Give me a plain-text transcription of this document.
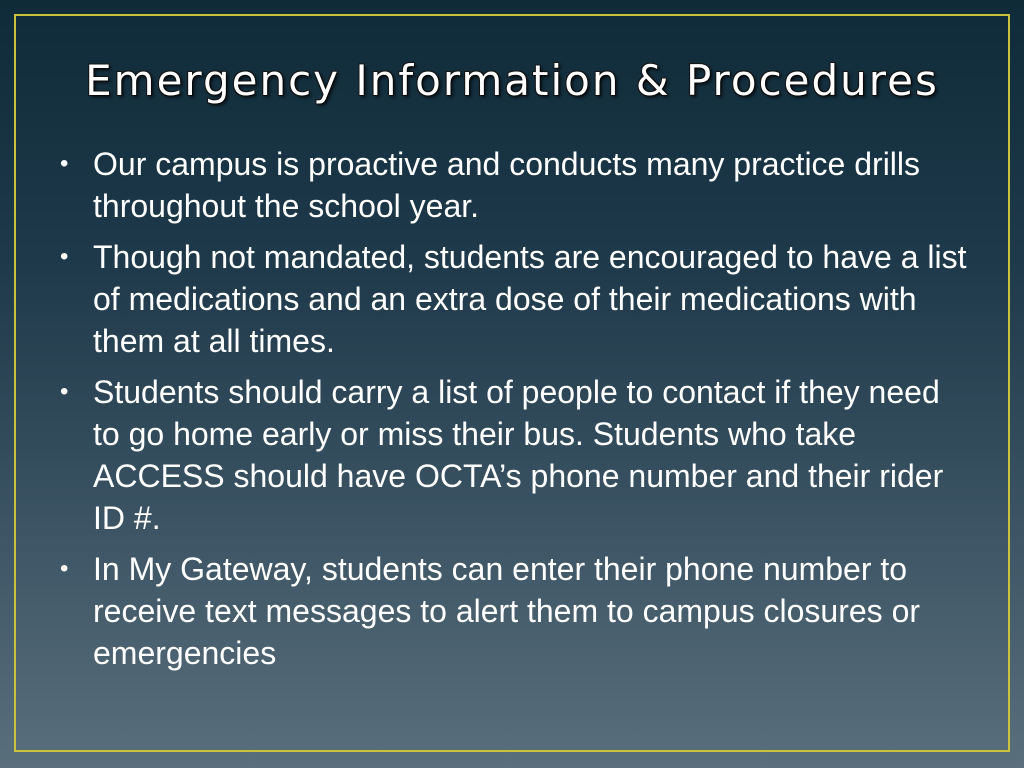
Emergency Information & Procedures
• Our campus is proactive and conducts many practice drills throughout the school year.
• Though not mandated, students are encouraged to have a list of medications and an extra dose of their medications with them at all times.
• Students should carry a list of people to contact if they need to go home early or miss their bus. Students who take ACCESS should have OCTA’s phone number and their rider ID #.
• In My Gateway, students can enter their phone number to receive text messages to alert them to campus closures or emergencies
